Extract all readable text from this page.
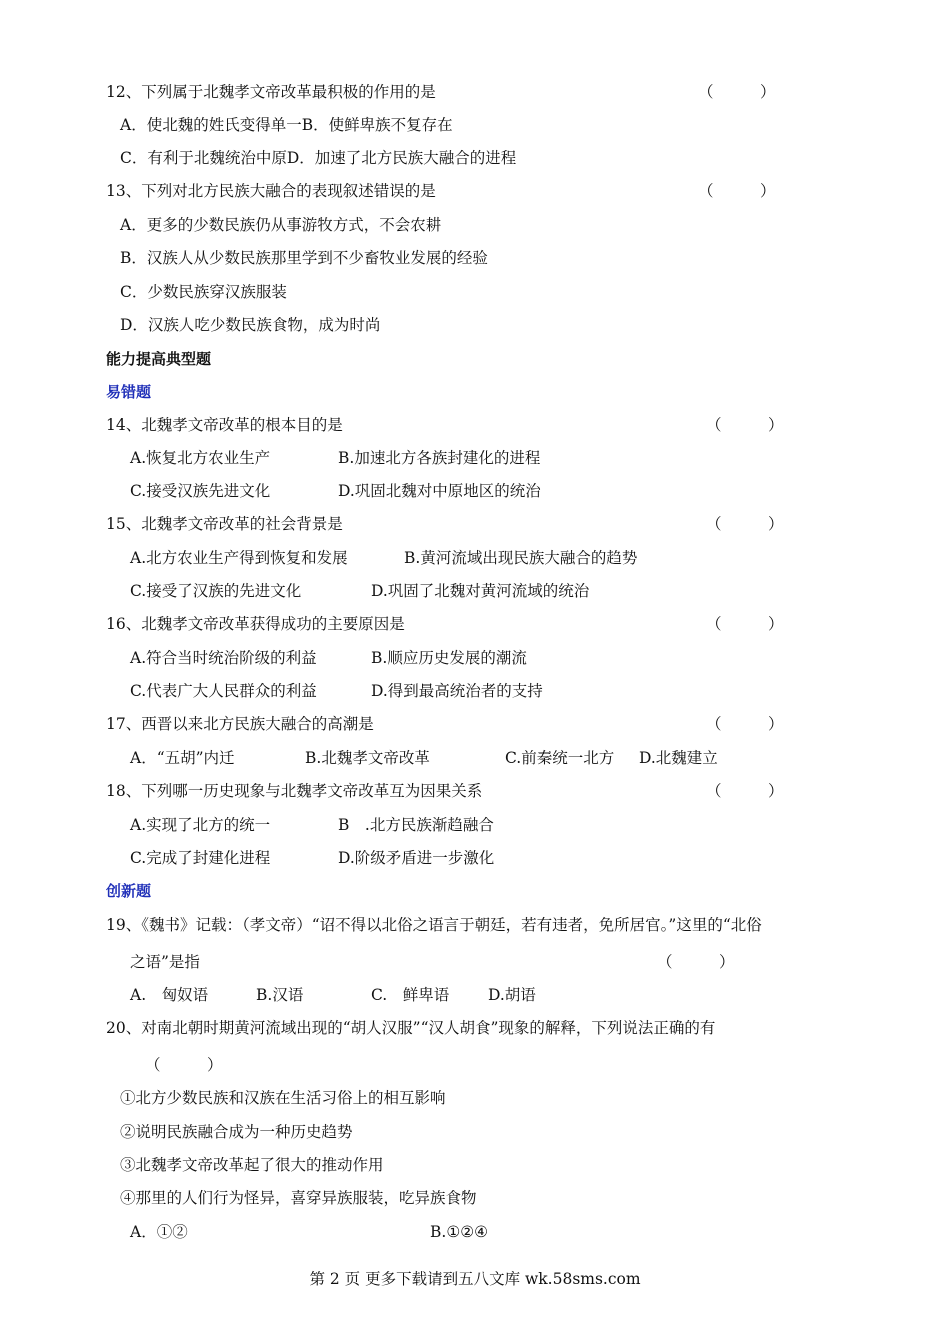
12、下列属于北魏孝文帝改革最积极的作用的是	（　　　）
A．使北魏的姓氏变得单一B．使鲜卑族不复存在
C．有利于北魏统治中原D．加速了北方民族大融合的进程
13、下列对北方民族大融合的表现叙述错误的是	（　　　）
A．更多的少数民族仍从事游牧方式，不会农耕
B．汉族人从少数民族那里学到不少畜牧业发展的经验
C．少数民族穿汉族服装
D．汉族人吃少数民族食物，成为时尚
能力提高典型题
易错题
14、北魏孝文帝改革的根本目的是	（　　　）
A.恢复北方农业生产	B.加速北方各族封建化的进程
C.接受汉族先进文化	D.巩固北魏对中原地区的统治
15、北魏孝文帝改革的社会背景是	（　　　）
A.北方农业生产得到恢复和发展	B.黄河流域出现民族大融合的趋势
C.接受了汉族的先进文化	D.巩固了北魏对黄河流域的统治
16、北魏孝文帝改革获得成功的主要原因是	（　　　）
A.符合当时统治阶级的利益	B.顺应历史发展的潮流
C.代表广大人民群众的利益	D.得到最高统治者的支持
17、西晋以来北方民族大融合的高潮是	（　　　）
A．“五胡”内迁	B.北魏孝文帝改革	C.前秦统一北方 D.北魏建立
18、下列哪一历史现象与北魏孝文帝改革互为因果关系	（　　　）
A.实现了北方的统一	B　.北方民族渐趋融合
C.完成了封建化进程	D.阶级矛盾进一步激化
创新题
19、《魏书》记载：（孝文帝）“诏不得以北俗之语言于朝廷，若有违者，免所居官。”这里的“北俗
之语”是指	（　　　）
A.　匈奴语	B.汉语	C.　鲜卑语	D.胡语
20、对南北朝时期黄河流域出现的“胡人汉服”“汉人胡食”现象的解释，下列说法正确的有
（　　　）
①北方少数民族和汉族在生活习俗上的相互影响
②说明民族融合成为一种历史趋势
③北魏孝文帝改革起了很大的推动作用
④那里的人们行为怪异，喜穿异族服装，吃异族食物
A．①②	B.①②④
第 2 页 更多下载请到五八文库 wk.58sms.com
